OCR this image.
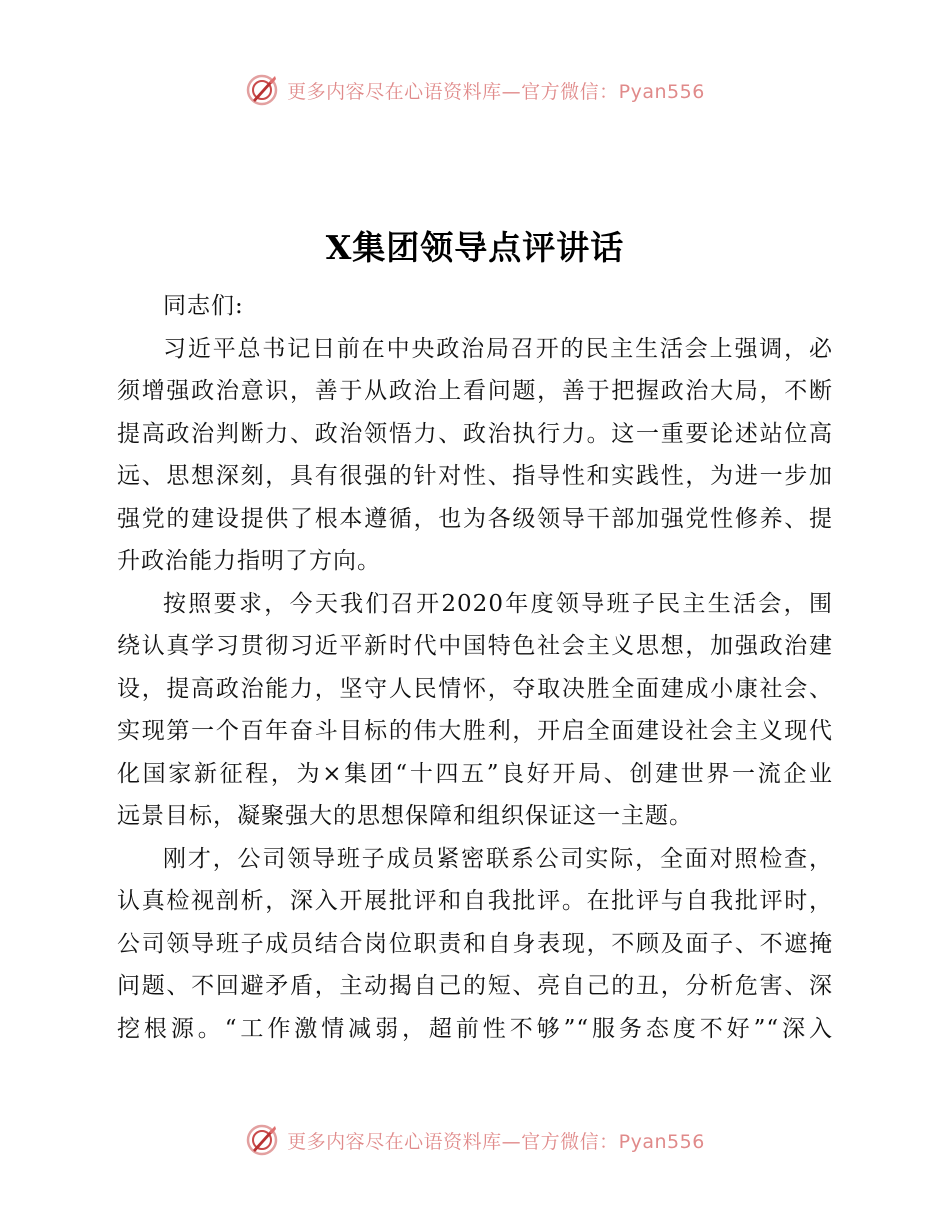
更多内容尽在心语资料库—官方微信：Pyan556
X集团领导点评讲话

同志们:

习近平总书记日前在中央政治局召开的民主生活会上强调，必
须增强政治意识，善于从政治上看问题，善于把握政治大局，不断
提高政治判断力、政治领悟力、政治执行力。这一重要论述站位高
远、思想深刻，具有很强的针对性、指导性和实践性，为进一步加
强党的建设提供了根本遵循，也为各级领导干部加强党性修养、提
升政治能力指明了方向。

按照要求，今天我们召开2020年度领导班子民主生活会，围
绕认真学习贯彻习近平新时代中国特色社会主义思想，加强政治建
设，提高政治能力，坚守人民情怀，夺取决胜全面建成小康社会、
实现第一个百年奋斗目标的伟大胜利，开启全面建设社会主义现代
化国家新征程，为×集团“十四五”良好开局、创建世界一流企业
远景目标，凝聚强大的思想保障和组织保证这一主题。

刚才，公司领导班子成员紧密联系公司实际，全面对照检查，
认真检视剖析，深入开展批评和自我批评。在批评与自我批评时，
公司领导班子成员结合岗位职责和自身表现，不顾及面子、不遮掩
问题、不回避矛盾，主动揭自己的短、亮自己的丑，分析危害、深
挖根源。“工作激情减弱，超前性不够”“服务态度不好”“深入

更多内容尽在心语资料库—官方微信：Pyan556
